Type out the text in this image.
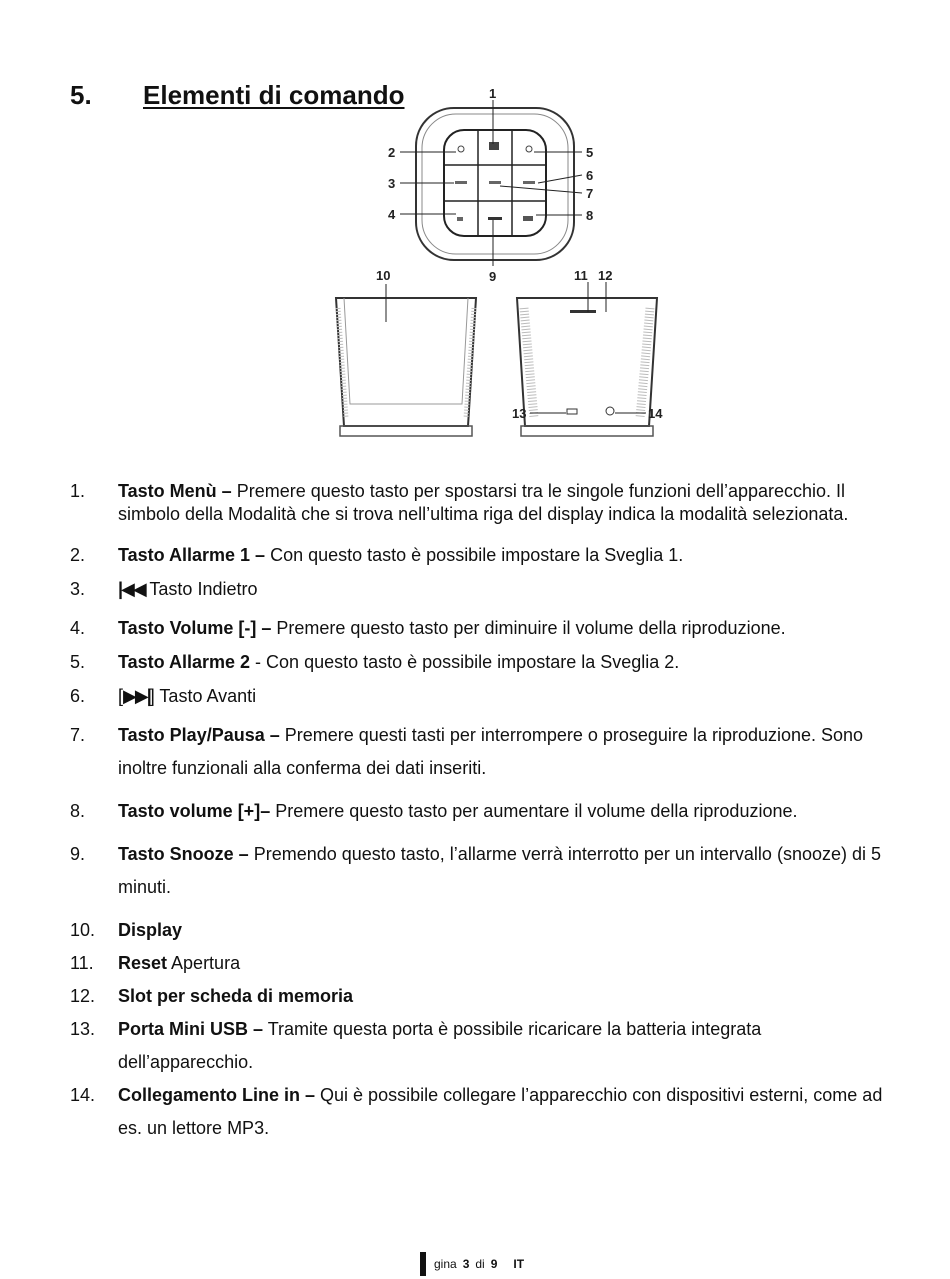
5. Elementi di comando	1
2
3
4
5
6
7
8
9
10	11 12
13	14
1. Tasto Menù – Premere questo tasto per spostarsi tra le singole funzioni dell’apparecchio. Il simbolo della Modalità che si trova nell’ultima riga del display indica la modalità selezionata.
2. Tasto Allarme 1 – Con questo tasto è possibile impostare la Sveglia 1.
3. |◀◀ Tasto Indietro
4. Tasto Volume [-] – Premere questo tasto per diminuire il volume della riproduzione.
5. Tasto Allarme 2 - Con questo tasto è possibile impostare la Sveglia 2.
6. [▶▶|] Tasto Avanti
7. Tasto Play/Pausa – Premere questi tasti per interrompere o proseguire la riproduzione. Sono inoltre funzionali alla conferma dei dati inseriti.
8. Tasto volume [+]– Premere questo tasto per aumentare il volume della riproduzione.
9. Tasto Snooze – Premendo questo tasto, l’allarme verrà interrotto per un intervallo (snooze) di 5 minuti.
10. Display
11. Reset Apertura
12. Slot per scheda di memoria
13. Porta Mini USB – Tramite questa porta è possibile ricaricare la batteria integrata dell’apparecchio.
14. Collegamento Line in – Qui è possibile collegare l’apparecchio con dispositivi esterni, come ad es. un lettore MP3.
gina 3 di 9 IT
